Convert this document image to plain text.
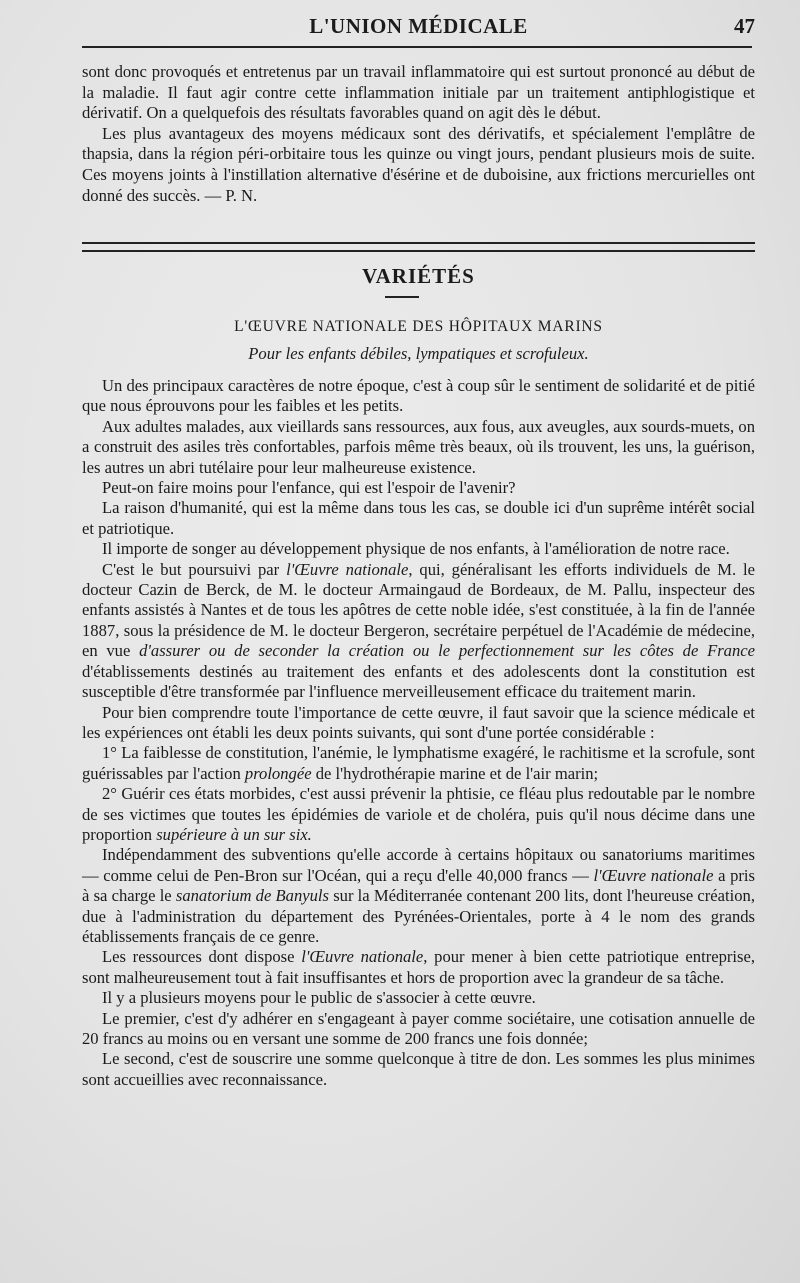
L'UNION MÉDICALE	47

sont donc provoqués et entretenus par un travail inflammatoire qui est surtout prononcé au début de la maladie. Il faut agir contre cette inflammation initiale par un traitement antiphlogistique et dérivatif. On a quelquefois des résultats favorables quand on agit dès le début.

Les plus avantageux des moyens médicaux sont des dérivatifs, et spécialement l'emplâtre de thapsia, dans la région péri-orbitaire tous les quinze ou vingt jours, pendant plusieurs mois de suite. Ces moyens joints à l'instillation alternative d'ésérine et de duboisine, aux frictions mercurielles ont donné des succès. — P. N.

VARIÉTÉS
L'ŒUVRE NATIONALE DES HÔPITAUX MARINS
Pour les enfants débiles, lympatiques et scrofuleux.

Un des principaux caractères de notre époque, c'est à coup sûr le sentiment de solidarité et de pitié que nous éprouvons pour les faibles et les petits.

Aux adultes malades, aux vieillards sans ressources, aux fous, aux aveugles, aux sourds-muets, on a construit des asiles très confortables, parfois même très beaux, où ils trouvent, les uns, la guérison, les autres un abri tutélaire pour leur malheureuse existence.

Peut-on faire moins pour l'enfance, qui est l'espoir de l'avenir?

La raison d'humanité, qui est la même dans tous les cas, se double ici d'un suprême intérêt social et patriotique.

Il importe de songer au développement physique de nos enfants, à l'amélioration de notre race.

C'est le but poursuivi par l'Œuvre nationale, qui, généralisant les efforts individuels de M. le docteur Cazin de Berck, de M. le docteur Armaingaud de Bordeaux, de M. Pallu, inspecteur des enfants assistés à Nantes et de tous les apôtres de cette noble idée, s'est constituée, à la fin de l'année 1887, sous la présidence de M. le docteur Bergeron, secrétaire perpétuel de l'Académie de médecine, en vue d'assurer ou de seconder la création ou le perfectionnement sur les côtes de France d'établissements destinés au traitement des enfants et des adolescents dont la constitution est susceptible d'être transformée par l'influence merveilleusement efficace du traitement marin.

Pour bien comprendre toute l'importance de cette œuvre, il faut savoir que la science médicale et les expériences ont établi les deux points suivants, qui sont d'une portée considérable :

1° La faiblesse de constitution, l'anémie, le lymphatisme exagéré, le rachitisme et la scrofule, sont guérissables par l'action prolongée de l'hydrothérapie marine et de l'air marin;

2° Guérir ces états morbides, c'est aussi prévenir la phtisie, ce fléau plus redoutable par le nombre de ses victimes que toutes les épidémies de variole et de choléra, puis qu'il nous décime dans une proportion supérieure à un sur six.

Indépendamment des subventions qu'elle accorde à certains hôpitaux ou sanatoriums maritimes — comme celui de Pen-Bron sur l'Océan, qui a reçu d'elle 40,000 francs — l'Œuvre nationale a pris à sa charge le sanatorium de Banyuls sur la Méditerranée contenant 200 lits, dont l'heureuse création, due à l'administration du département des Pyrénées-Orientales, porte à 4 le nom des grands établissements français de ce genre.

Les ressources dont dispose l'Œuvre nationale, pour mener à bien cette patriotique entreprise, sont malheureusement tout à fait insuffisantes et hors de proportion avec la grandeur de sa tâche.

Il y a plusieurs moyens pour le public de s'associer à cette œuvre.

Le premier, c'est d'y adhérer en s'engageant à payer comme sociétaire, une cotisation annuelle de 20 francs au moins ou en versant une somme de 200 francs une fois donnée;

Le second, c'est de souscrire une somme quelconque à titre de don. Les sommes les plus minimes sont accueillies avec reconnaissance.
